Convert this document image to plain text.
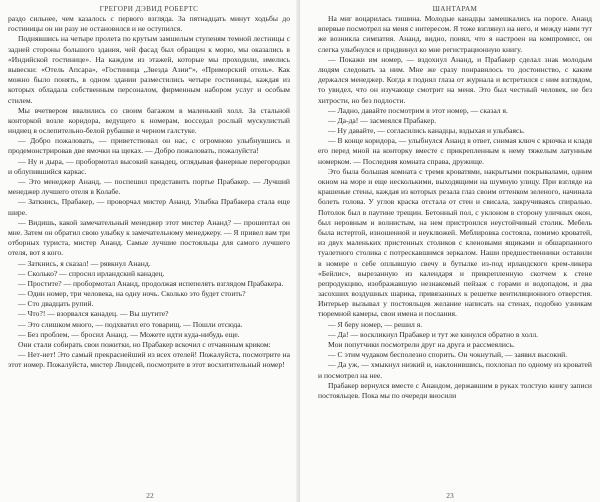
ГРЕГОРИ ДЭВИД РОБЕРТС

раздо сильнее, чем казалось с первого взгляда. За пятнадцать минут ходьбы до гостиницы он ни разу не остановился и не оступился.

Поднявшись на четыре пролета по крутым замшелым ступеням темной лестницы с задней стороны большого здания, чей фасад был обращен к морю, мы оказались в «Индийской гостинице». На каждом из этажей, которые мы проходили, имелись вывески: «Отель Апсара», «Гостиница „Звезда Азии“», «Приморский отель». Как можно было понять, в одном здании разместились четыре гостиницы, каждая из которых обладала собственным персоналом, фирменным набором услуг и особым стилем.

Мы вчетвером ввалились со своим багажом в маленький холл. За стальной конторкой возле коридора, ведущего к номерам, восседал рослый мускулистый индиец в ослепительно-белой рубашке и черном галстуке.

— Добро пожаловать, — приветствовал он нас, с огромною улыбнувшись и продемонстрировав две ямочки на щеках. — Добро пожаловать, пожалуйста!

— Ну и дыра, — пробормотал высокий канадец, оглядывая фанерные перегородки и облупившийся каркас.

— Это менеджер Ананд, — поспешил представить портье Прабакер. — Лучший менеджер лучшего отеля в Колабе.

— Заткнись, Прабакер, — проворчал мистер Ананд. Улыбка Прабакера стала еще шире.

— Видишь, какой замечательный менеджер этот мистер Ананд? — прошептал он мне. Затем он обратил свою улыбку к замечательному менеджеру. — Я привел вам три отборных туриста, мистер Ананд. Самые лучшие постояльцы для самого лучшего отеля, вот я кого.

— Заткнись, я сказал! — рявкнул Ананд.

— Сколько? — спросил ирландский канадец.

— Простите? — пробормотал Ананд, продолжая испепелять взглядом Прабакера.

— Один номер, три человека, на одну ночь. Сколько это будет стоить?

— Сто двадцать рупий.

— Что?! — взорвался канадец. — Вы шутите?

— Это слишком много, — подхватил его товарищ. — Пошли отсюда.

— Без проблем, — бросил Ананд. — Можете идти куда-нибудь еще.

Они стали собирать свои пожитки, но Прабакер вскочил с отчаянным криком:

— Нет-нет! Это самый прекраснейший из всех отелей! Пожалуйста, посмотрите на этот номер. Пожалуйста, мистер Линдсей, посмотрите в этот восхитительный номер!

22
ШАНТАРАМ

На миг воцарилась тишина. Молодые канадцы замешкались на пороге. Ананд впервые посмотрел на меня с интересом. Я тоже взглянул на него, и между нами тут же возникла симпатия. Ананд, видно, понял, что я настроен на компромисс, он слегка улыбнулся и придвинул ко мне регистрационную книгу.

— Покажи им номер, — вздохнул Ананд, и Прабакер сделал знак молодым людям следовать за ним. Мне же сразу понравилось то достоинство, с каким держался менеджер. Когда я поднял глаза от журнала и встретился с ним взглядом, то увидел, что он изучающе смотрит на меня. Это был честный человек, не без хитрости, но без подлости.

— Ладно, давайте посмотрим в этот номер, — сказал я.

— Да-да! — засмеялся Прабакер.

— Ну давайте, — согласились канадцы, вздыхая и улыбаясь.

— В конце коридора, — улыбнулся Ананд в ответ, снимая ключ с крючка и кладя его перед мной на конторку вместе с прикрепленным к нему тяжелым латунным номерком. — Последняя комната справа, дружище.

Это была большая комната с тремя кроватями, накрытыми покрывалами, одним окном на море и еще несколькими, выходящими на шумную улицу. При взгляде на крашеные стены, каждая из которых резала глаз своим оттенком зеленого, начинала болеть голова. У углов краска отстала от стен и свисала, закручиваясь спиралью. Потолок был в паутине трещин. Бетонный пол, с уклоном в сторону уличных окон, был неровным и волнистым, на нем пристроился неустойчивый столик. Мебель была истертой, изношенной и неуклюжей. Меблировка состояла, помимо кроватей, из двух маленьких пристенных столиков с кленовыми ящиками и обшарпанного туалетного столика с потрескавшимся зеркалом. Наши предшественники оставили в номере о себе оплывшую свечу в бутылке из-под ирландского крем-ликера «Бейлис», вырезанную из календаря и прикрепленную скотчем к стене репродукцию, изображавшую незнакомый пейзаж с горами и водопадом, и два засохших воздушных шарика, привязанных к решетке вентиляционного отверстия. Интерьер вызывал у постояльцев желание написать на стенах, подобно узникам тюремной камеры, свои имена и послания.

— Я беру номер, — решил я.

— Да! — воскликнул Прабакер и тут же кинулся обратно в холл.

Мои попутчики посмотрели друг на друга и рассмеялись.

— С этим чудаком бесполезно спорить. Он чокнутый, — заявил высокий.

— Да уж, — хмыкнул низкий и, наклонившись, похлопал по одному из кроватей и посмотрел на нее.

Прабакер вернулся вместе с Анандом, державшим в руках толстую книгу записи постояльцев. Пока мы по очереди вносили

23
